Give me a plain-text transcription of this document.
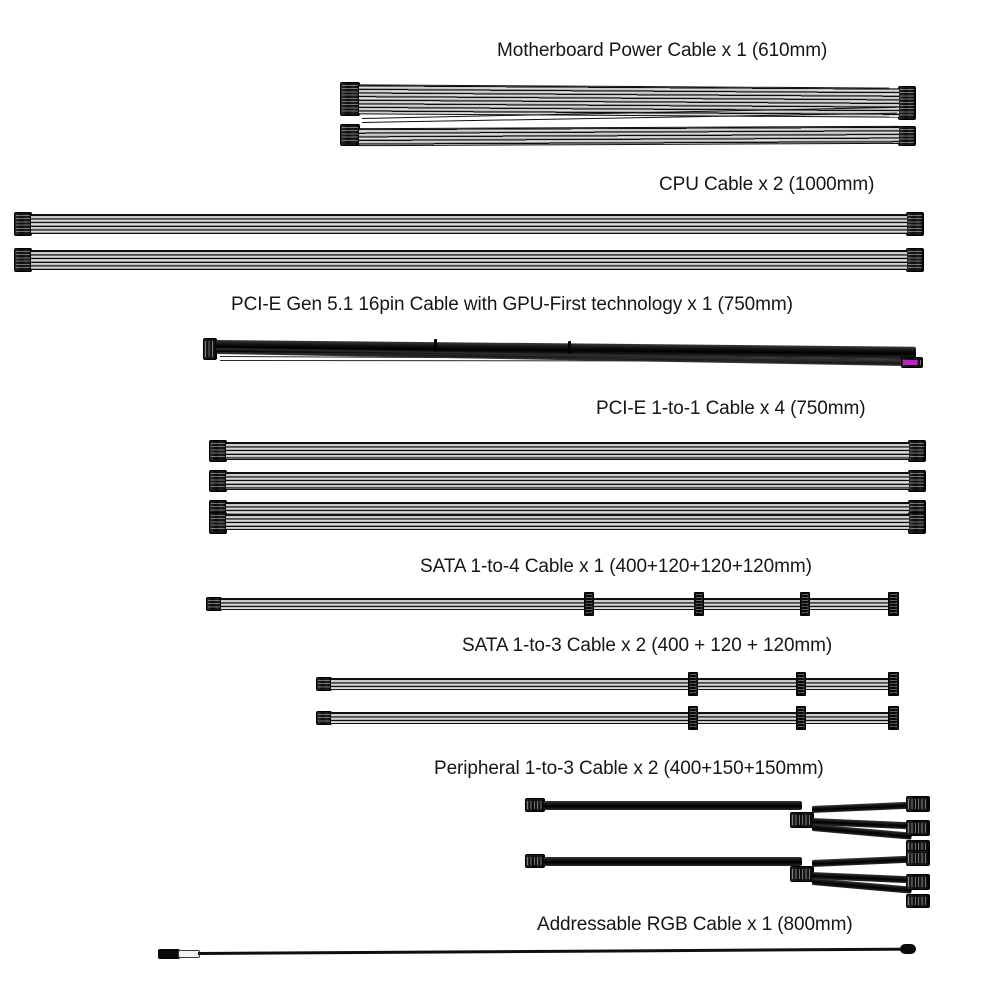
Motherboard Power Cable x 1 (610mm)
CPU Cable x 2 (1000mm)
PCI-E Gen 5.1 16pin Cable with GPU-First technology x 1 (750mm)
PCI-E 1-to-1 Cable x 4 (750mm)
SATA 1-to-4 Cable x 1 (400+120+120+120mm)
SATA 1-to-3 Cable x 2 (400 + 120 + 120mm)
Peripheral 1-to-3 Cable x 2 (400+150+150mm)
Addressable RGB Cable x 1 (800mm)
